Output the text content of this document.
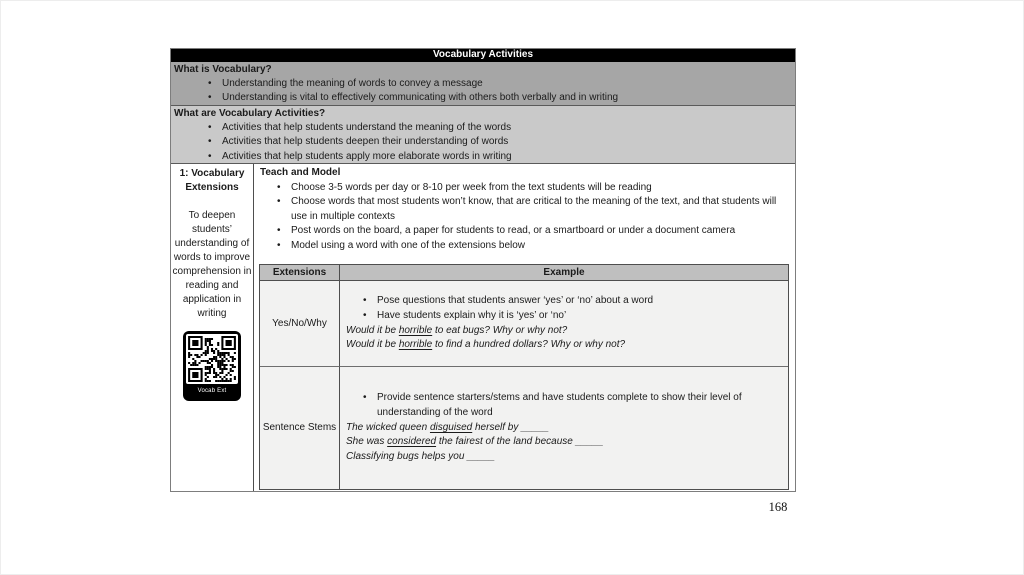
Vocabulary Activities
What is Vocabulary?
• Understanding the meaning of words to convey a message
• Understanding is vital to effectively communicating with others both verbally and in writing
What are Vocabulary Activities?
• Activities that help students understand the meaning of the words
• Activities that help students deepen their understanding of words
• Activities that help students apply more elaborate words in writing
1: Vocabulary
Extensions
To deepen students’ understanding of words to improve comprehension in reading and application in writing
Vocab Ext
Teach and Model
• Choose 3-5 words per day or 8-10 per week from the text students will be reading
• Choose words that most students won’t know, that are critical to the meaning of the text, and that students will use in multiple contexts
• Post words on the board, a paper for students to read, or a smartboard or under a document camera
• Model using a word with one of the extensions below
Extensions	Example
Yes/No/Why
• Pose questions that students answer ‘yes’ or ‘no’ about a word
• Have students explain why it is ‘yes’ or ‘no’
Would it be horrible to eat bugs? Why or why not?
Would it be horrible to find a hundred dollars? Why or why not?
Sentence Stems
• Provide sentence starters/stems and have students complete to show their level of understanding of the word
The wicked queen disguised herself by _____
She was considered the fairest of the land because _____
Classifying bugs helps you _____
168
